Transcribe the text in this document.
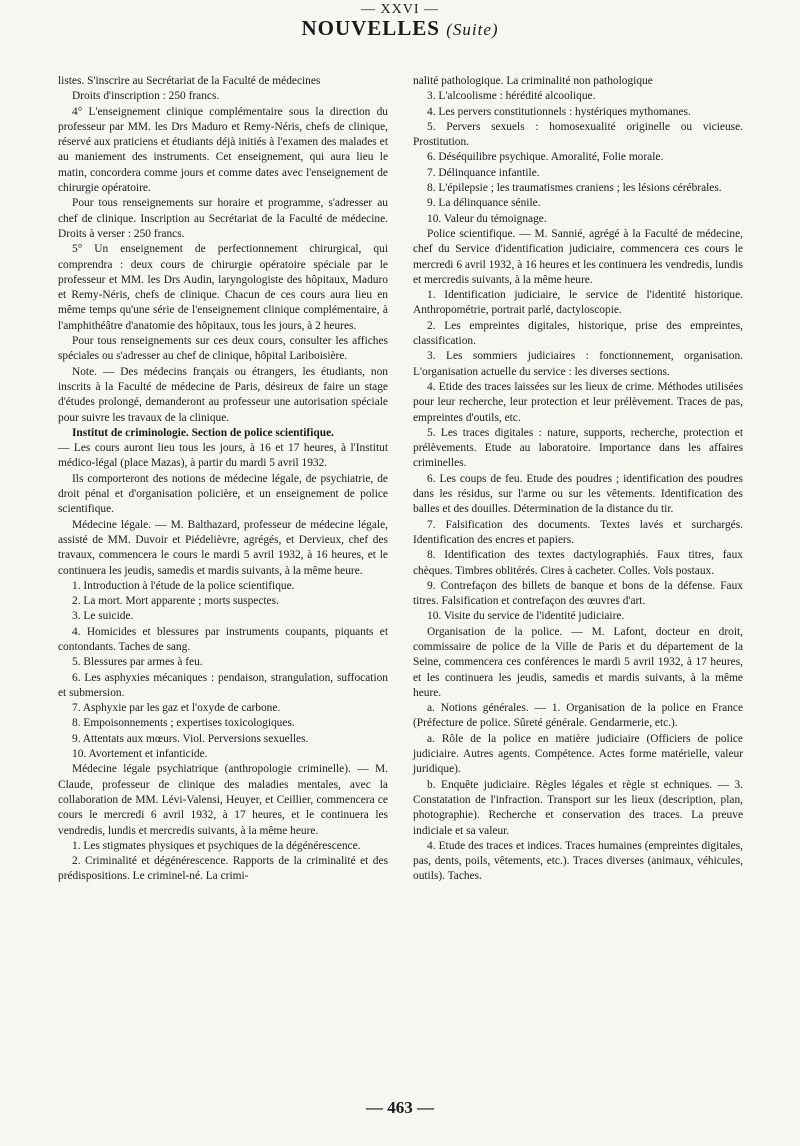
— XXVI —
NOUVELLES (Suite)

listes. S'inscrire au Secrétariat de la Faculté de médecines

Droits d'inscription : 250 francs.

4° L'enseignement clinique complémentaire sous la direction du professeur par MM. les Drs Maduro et Remy-Néris, chefs de clinique, réservé aux praticiens et étudiants déjà initiés à l'examen des malades et au maniement des instruments. Cet enseignement, qui aura lieu le matin, concordera comme jours et comme dates avec l'enseignement de chirurgie opératoire.

Pour tous renseignements sur horaire et programme, s'adresser au chef de clinique. Inscription au Secrétariat de la Faculté de médecine. Droits à verser : 250 francs.

5° Un enseignement de perfectionnement chirurgical, qui comprendra : deux cours de chirurgie opératoire spéciale par le professeur et MM. les Drs Audin, laryngologiste des hôpitaux, Maduro et Remy-Néris, chefs de clinique. Chacun de ces cours aura lieu en même temps qu'une série de l'enseignement clinique complémentaire, à l'amphithéâtre d'anatomie des hôpitaux, tous les jours, à 2 heures.

Pour tous renseignements sur ces deux cours, consulter les affiches spéciales ou s'adresser au chef de clinique, hôpital Lariboisière.

Note. — Des médecins français ou étrangers, les étudiants, non inscrits à la Faculté de médecine de Paris, désireux de faire un stage d'études prolongé, demanderont au professeur une autorisation spéciale pour suivre les travaux de la clinique.

Institut de criminologie. Section de police scientifique.

— Les cours auront lieu tous les jours, à 16 et 17 heures, à l'Institut médico-légal (place Mazas), à partir du mardi 5 avril 1932.

Ils comporteront des notions de médecine légale, de psychiatrie, de droit pénal et d'organisation policière, et un enseignement de police scientifique.

Médecine légale. — M. Balthazard, professeur de médecine légale, assisté de MM. Duvoir et Piédelièvre, agrégés, et Dervieux, chef des travaux, commencera le cours le mardi 5 avril 1932, à 16 heures, et le continuera les jeudis, samedis et mardis suivants, à la même heure.

1. Introduction à l'étude de la police scientifique.

2. La mort. Mort apparente ; morts suspectes.

3. Le suicide.

4. Homicides et blessures par instruments coupants, piquants et contondants. Taches de sang.

5. Blessures par armes à feu.

6. Les asphyxies mécaniques : pendaison, strangulation, suffocation et submersion.

7. Asphyxie par les gaz et l'oxyde de carbone.

8. Empoisonnements ; expertises toxicologiques.

9. Attentats aux mœurs. Viol. Perversions sexuelles.

10. Avortement et infanticide.

Médecine légale psychiatrique (anthropologie criminelle). — M. Claude, professeur de clinique des maladies mentales, avec la collaboration de MM. Lévi-Valensi, Heuyer, et Ceillier, commencera ce cours le mercredi 6 avril 1932, à 17 heures, et le continuera les vendredis, lundis et mercredis suivants, à la même heure.

1. Les stigmates physiques et psychiques de la dégénérescence.

2. Criminalité et dégénérescence. Rapports de la criminalité et des prédispositions. Le criminel-né. La crimi-

nalité pathologique. La criminalité non pathologique

3. L'alcoolisme : hérédité alcoolique.

4. Les pervers constitutionnels : hystériques mythomanes.

5. Pervers sexuels : homosexualité originelle ou vicieuse. Prostitution.

6. Déséquilibre psychique. Amoralité, Folie morale.

7. Délinquance infantile.

8. L'épilepsie ; les traumatismes craniens ; les lésions cérébrales.

9. La délinquance sénile.

10. Valeur du témoignage.

Police scientifique. — M. Sannié, agrégé à la Faculté de médecine, chef du Service d'identification judiciaire, commencera ces cours le mercredi 6 avril 1932, à 16 heures et les continuera les vendredis, lundis et mercredis suivants, à la même heure.

1. Identification judiciaire, le service de l'identité historique. Anthropométrie, portrait parlé, dactyloscopie.

2. Les empreintes digitales, historique, prise des empreintes, classification.

3. Les sommiers judiciaires : fonctionnement, organisation. L'organisation actuelle du service : les diverses sections.

4. Etide des traces laissées sur les lieux de crime. Méthodes utilisées pour leur recherche, leur protection et leur prélèvement. Traces de pas, empreintes d'outils, etc.

5. Les traces digitales : nature, supports, recherche, protection et prélèvements. Etude au laboratoire. Importance dans les affaires criminelles.

6. Les coups de feu. Etude des poudres ; identification des poudres dans les résidus, sur l'arme ou sur les vêtements. Identification des balles et des douilles. Détermination de la distance du tir.

7. Falsification des documents. Textes lavés et surchargés. Identification des encres et papiers.

8. Identification des textes dactylographiés. Faux titres, faux chèques. Timbres oblitérés. Cires à cacheter. Colles. Vols postaux.

9. Contrefaçon des billets de banque et bons de la défense. Faux titres. Falsification et contrefaçon des œuvres d'art.

10. Visite du service de l'identité judiciaire.

Organisation de la police. — M. Lafont, docteur en droit, commissaire de police de la Ville de Paris et du département de la Seine, commencera ces conférences le mardi 5 avril 1932, à 17 heures, et les continuera les jeudis, samedis et mardis suivants, à la même heure.

a. Notions générales. — 1. Organisation de la police en France (Préfecture de police. Sûreté générale. Gendarmerie, etc.).

a. Rôle de la police en matière judiciaire (Officiers de police judiciaire. Autres agents. Compétence. Actes forme matérielle, valeur juridique).

b. Enquête judiciaire. Règles légales et règle st echniques. — 3. Constatation de l'infraction. Transport sur les lieux (description, plan, photographie). Recherche et conservation des traces. La preuve indiciale et sa valeur.

4. Etude des traces et indices. Traces humaines (empreintes digitales, pas, dents, poils, vêtements, etc.). Traces diverses (animaux, véhicules, outils). Taches.

— 463 —
